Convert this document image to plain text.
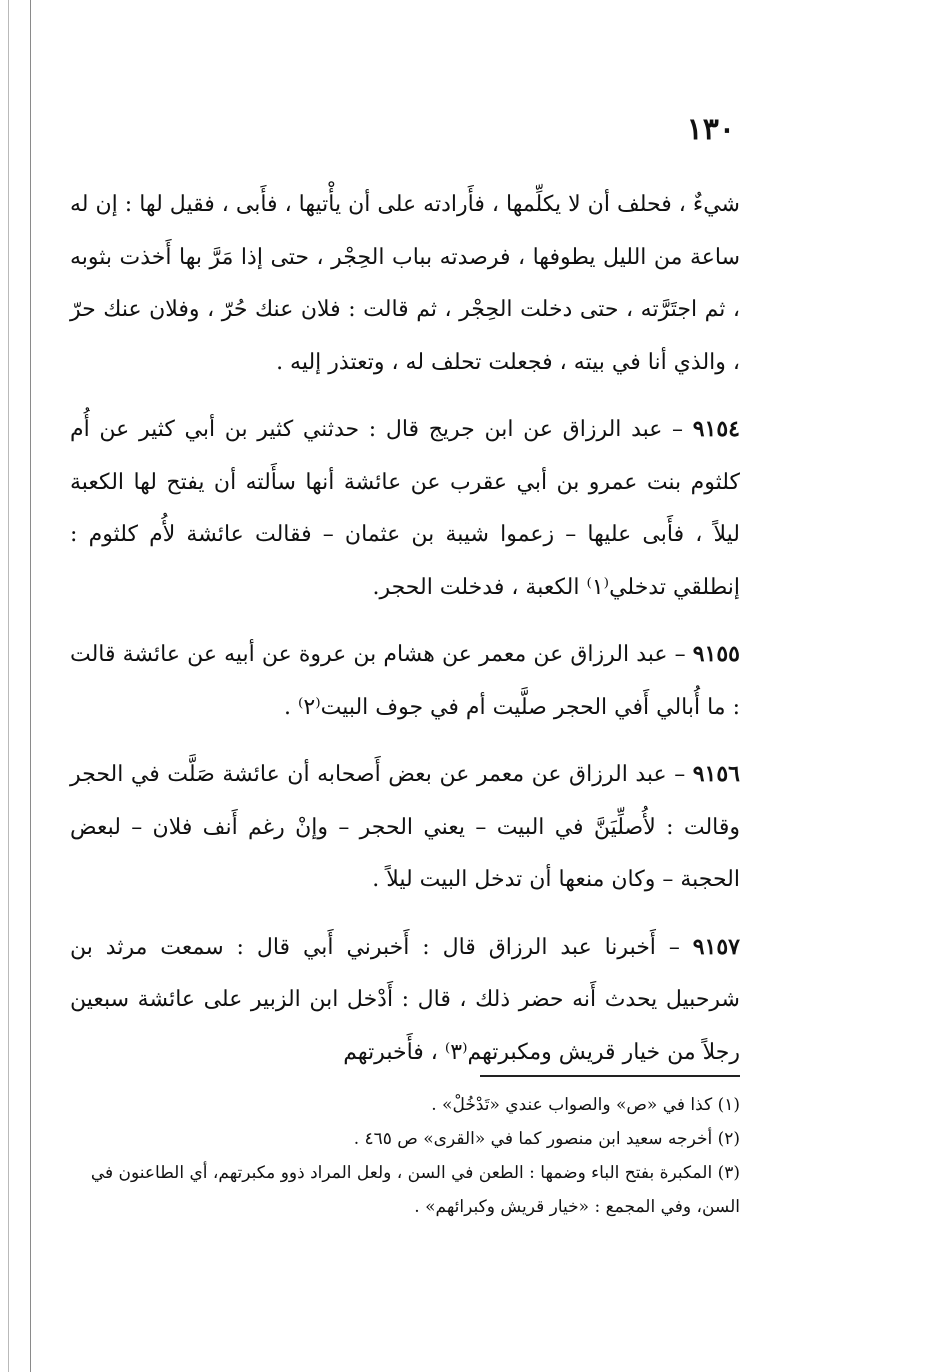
١٣٠

شيءٌ ، فحلف أن لا يكلِّمها ، فأَرادته على أن يأْتيها ، فأَبى ، فقيل لها : إن له ساعة من الليل يطوفها ، فرصدته بباب الحِجْر ، حتى إذا مَرَّ بها أَخذت بثوبه ، ثم اجتَرَّته ، حتى دخلت الحِجْر ، ثم قالت : فلان عنك حُرّ ، وفلان عنك حرّ ، والذي أنا في بيته ، فجعلت تحلف له ، وتعتذر إليه .

٩١٥٤ – عبد الرزاق عن ابن جريج قال : حدثني كثير بن أبي كثير عن أُم كلثوم بنت عمرو بن أبي عقرب عن عائشة أنها سأَلته أن يفتح لها الكعبة ليلاً ، فأَبى عليها – زعموا شيبة بن عثمان – فقالت عائشة لأُم كلثوم : إنطلقي تدخلي⁽١⁾ الكعبة ، فدخلت الحجر.

٩١٥٥ – عبد الرزاق عن معمر عن هشام بن عروة عن أبيه عن عائشة قالت : ما أُبالي أَفي الحجر صلَّيت أم في جوف البيت⁽٢⁾ .

٩١٥٦ – عبد الرزاق عن معمر عن بعض أَصحابه أن عائشة صَلَّت في الحجر وقالت : لأُصلِّيَنَّ في البيت – يعني الحجر – وإنْ رغم أَنف فلان – لبعض الحجبة – وكان منعها أن تدخل البيت ليلاً .

٩١٥٧ – أَخبرنا عبد الرزاق قال : أَخبرني أَبي قال : سمعت مرثد بن شرحبيل يحدث أَنه حضر ذلك ، قال : أَدْخل ابن الزبير على عائشة سبعين رجلاً من خيار قريش ومكبرتهم⁽٣⁾ ، فأَخبرتهم

(١) كذا في «ص» والصواب عندي «تَدْخُلْ» .

(٢) أخرجه سعيد ابن منصور كما في «القرى» ص ٤٦٥ .

(٣) المكبرة بفتح الباء وضمها : الطعن في السن ، ولعل المراد ذوو مكبرتهم، أي الطاعنون في السن، وفي المجمع : «خيار قريش وكبرائهم» .
